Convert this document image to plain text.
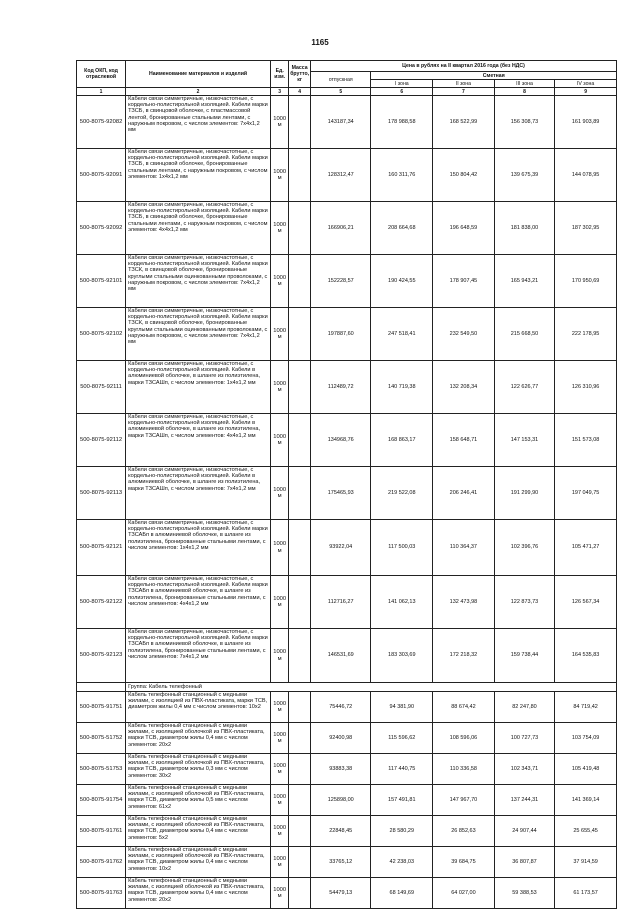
1165
Код ОКП, код отраслевой	Наименование материалов и изделий	Ед. изм.	Масса брутто, кг	Цена в рублях на II квартал 2016 года (без НДС)				
				отпускная	Сметная			
					I зона	II зона	III зона	IV зона
1	2	3	4	5	6	7	8	9
500-8075-92082	Кабели связи симметричные, низкочастотные, с кордельно-полистирольной изоляцией. Кабели марки ТЗСБ, в свинцовой оболочке, с пластмассовой лентой, бронированные стальными лентами, с наружным покровом, с числом элементов: 7х4х1,2 мм	1000 м		143187,34	178 988,58	168 522,99	156 308,73	161 903,89
500-8075-92091	Кабели связи симметричные, низкочастотные, с кордельно-полистирольной изоляцией. Кабели марки ТЗСБ, в свинцовой оболочке, бронированные стальными лентами, с наружным покровом, с числом элементов: 1х4х1,2 мм	1000 м		128312,47	160 311,76	150 804,42	139 675,39	144 078,95
500-8075-92092	Кабели связи симметричные, низкочастотные, с кордельно-полистирольной изоляцией. Кабели марки ТЗСБ, в свинцовой оболочке, бронированные стальными лентами, с наружным покровом, с числом элементов: 4х4х1,2 мм	1000 м		166906,21	208 664,68	196 648,59	181 838,00	187 302,95
500-8075-92101	Кабели связи симметричные, низкочастотные, с кордельно-полистирольной изоляцией. Кабели марки ТЗСК, в свинцовой оболочке, бронированные круглыми стальными оцинкованными проволоками, с наружным покровом, с числом элементов: 7х4х1,2 мм	1000 м		152228,57	190 424,55	178 907,45	165 943,21	170 950,69
500-8075-92102	Кабели связи симметричные, низкочастотные, с кордельно-полистирольной изоляцией. Кабели марки ТЗСК, в свинцовой оболочке, бронированные круглыми стальными оцинкованными проволоками, с наружным покровом, с числом элементов: 7х4х1,2 мм	1000 м		197887,60	247 518,41	232 549,50	215 668,50	222 178,95
500-8075-92111	Кабели связи симметричные, низкочастотные, с кордельно-полистирольной изоляцией. Кабели в алюминиевой оболочке, в шланге из полиэтилена, марки ТЗСАШп, с числом элементов: 1х4х1,2 мм	1000 м		112489,72	140 719,38	132 208,34	122 626,77	126 310,96
500-8075-92112	Кабели связи симметричные, низкочастотные, с кордельно-полистирольной изоляцией. Кабели в алюминиевой оболочке, в шланге из полиэтилена, марки ТЗСАШп, с числом элементов: 4х4х1,2 мм	1000 м		134968,76	168 863,17	158 648,71	147 153,31	151 573,08
500-8075-92113	Кабели связи симметричные, низкочастотные, с кордельно-полистирольной изоляцией. Кабели в алюминиевой оболочке, в шланге из полиэтилена, марки ТЗСАШп, с числом элементов: 7х4х1,2 мм	1000 м		175465,93	219 522,08	206 246,41	191 299,90	197 049,75
500-8075-92121	Кабели связи симметричные, низкочастотные, с кордельно-полистирольной изоляцией. Кабели марки ТЗСАБп в алюминиевой оболочке, в шланге из полиэтилена, бронированные стальными лентами, с числом элементов: 1х4х1,2 мм	1000 м		93922,04	117 500,03	110 364,37	102 396,76	105 471,27
500-8075-92122	Кабели связи симметричные, низкочастотные, с кордельно-полистирольной изоляцией. Кабели марки ТЗСАБп в алюминиевой оболочке, в шланге из полиэтилена, бронированные стальными лентами, с числом элементов: 4х4х1,2 мм	1000 м		112716,27	141 062,13	132 473,98	122 873,73	126 567,34
500-8075-92123	Кабели связи симметричные, низкочастотные, с кордельно-полистирольной изоляцией. Кабели марки ТЗСАБп в алюминиевой оболочке, в шланге из полиэтилена, бронированные стальными лентами, с числом элементов: 7х4х1,2 мм	1000 м		146531,69	183 303,69	172 218,32	159 738,44	164 535,83
	Группа: Кабель телефонный							
500-8075-91751	Кабель телефонный станционный с медными жилами, с изоляцией из ПВХ-пластиката, марки ТСВ, диаметром жилы 0,4 мм с числом элементов: 10х2	1000 м		75446,72	94 381,90	88 674,42	82 247,80	84 719,42
500-8075-51752	Кабель телефонный станционный с медными жилами, с изоляцией оболочкой из ПВХ-пластиката, марки ТСВ, диаметром жилы 0,4 мм с числом элементов: 20х2	1000 м		92400,98	115 596,62	108 596,06	100 727,73	103 754,09
500-8075-51753	Кабель телефонный станционный с медными жилами, с изоляцией оболочкой из ПВХ-пластиката, марки ТСВ, диаметром жилы 0,3 мм с числом элементов: 30х2	1000 м		93883,38	117 440,75	110 336,58	102 343,71	105 419,48
500-8075-91754	Кабель телефонный станционный с медными жилами, с изоляцией оболочкой из ПВХ-пластиката, марки ТСВ, диаметром жилы 0,5 мм с числом элементов: 61х2	1000 м		125898,00	157 491,81	147 967,70	137 244,31	141 369,14
500-8075-91761	Кабель телефонный станционный с медными жилами, с изоляцией оболочкой из ПВХ-пластиката, марки ТСВ, диаметром жилы 0,4 мм с числом элементов: 5х2	1000 м		22848,45	28 580,29	26 852,63	24 907,44	25 655,45
500-8075-91762	Кабель телефонный станционный с медными жилами, с изоляцией оболочкой из ПВХ-пластиката, марки ТСВ, диаметром жилы 0,4 мм с числом элементов: 10х2	1000 м		33765,12	42 238,03	39 684,75	36 807,87	37 914,59
500-8075-91763	Кабель телефонный станционный с медными жилами, с изоляцией оболочкой из ПВХ-пластиката, марки ТСВ, диаметром жилы 0,4 мм с числом элементов: 20х2	1000 м		54479,13	68 149,69	64 027,00	59 388,53	61 173,57
